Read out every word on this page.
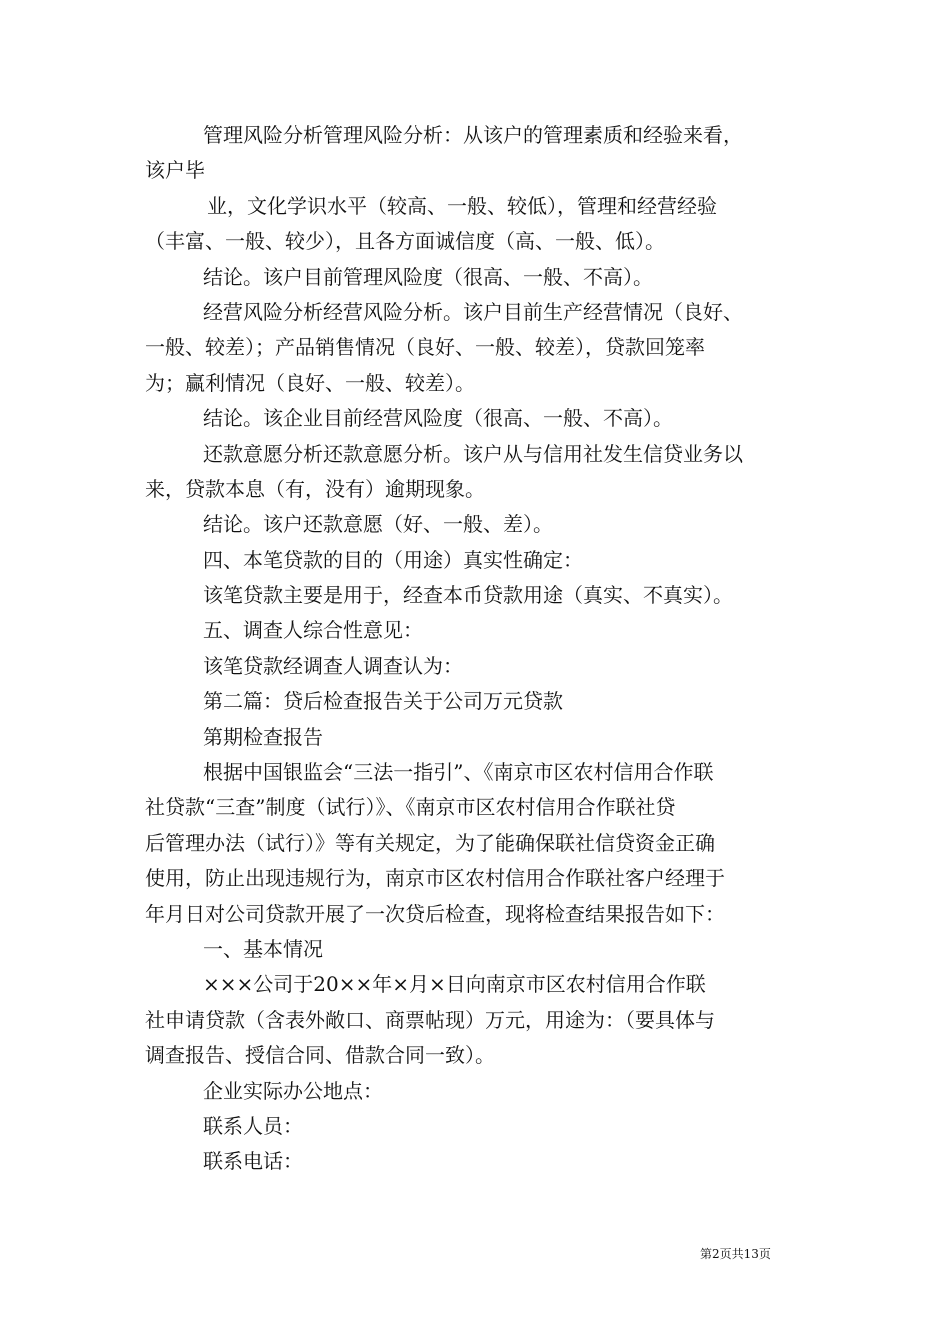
管理风险分析管理风险分析：从该户的管理素质和经验来看，
该户毕
业，文化学识水平（较高、一般、较低），管理和经营经验
（丰富、一般、较少），且各方面诚信度（高、一般、低）。
结论。该户目前管理风险度（很高、一般、不高）。
经营风险分析经营风险分析。该户目前生产经营情况（良好、
一般、较差）；产品销售情况（良好、一般、较差），贷款回笼率
为；赢利情况（良好、一般、较差）。
结论。该企业目前经营风险度（很高、一般、不高）。
还款意愿分析还款意愿分析。该户从与信用社发生信贷业务以
来，贷款本息（有，没有）逾期现象。
结论。该户还款意愿（好、一般、差）。
四、本笔贷款的目的（用途）真实性确定：
该笔贷款主要是用于，经查本币贷款用途（真实、不真实）。
五、调查人综合性意见：
该笔贷款经调查人调查认为：
第二篇：贷后检查报告关于公司万元贷款
第期检查报告
根据中国银监会“三法一指引”、《南京市区农村信用合作联
社贷款“三查”制度（试行）》、《南京市区农村信用合作联社贷
后管理办法（试行）》等有关规定，为了能确保联社信贷资金正确
使用，防止出现违规行为，南京市区农村信用合作联社客户经理于
年月日对公司贷款开展了一次贷后检查，现将检查结果报告如下：
一、基本情况
×××公司于20××年×月×日向南京市区农村信用合作联
社申请贷款（含表外敞口、商票帖现）万元，用途为：（要具体与
调查报告、授信合同、借款合同一致）。
企业实际办公地点：
联系人员：
联系电话：
第2页共13页
